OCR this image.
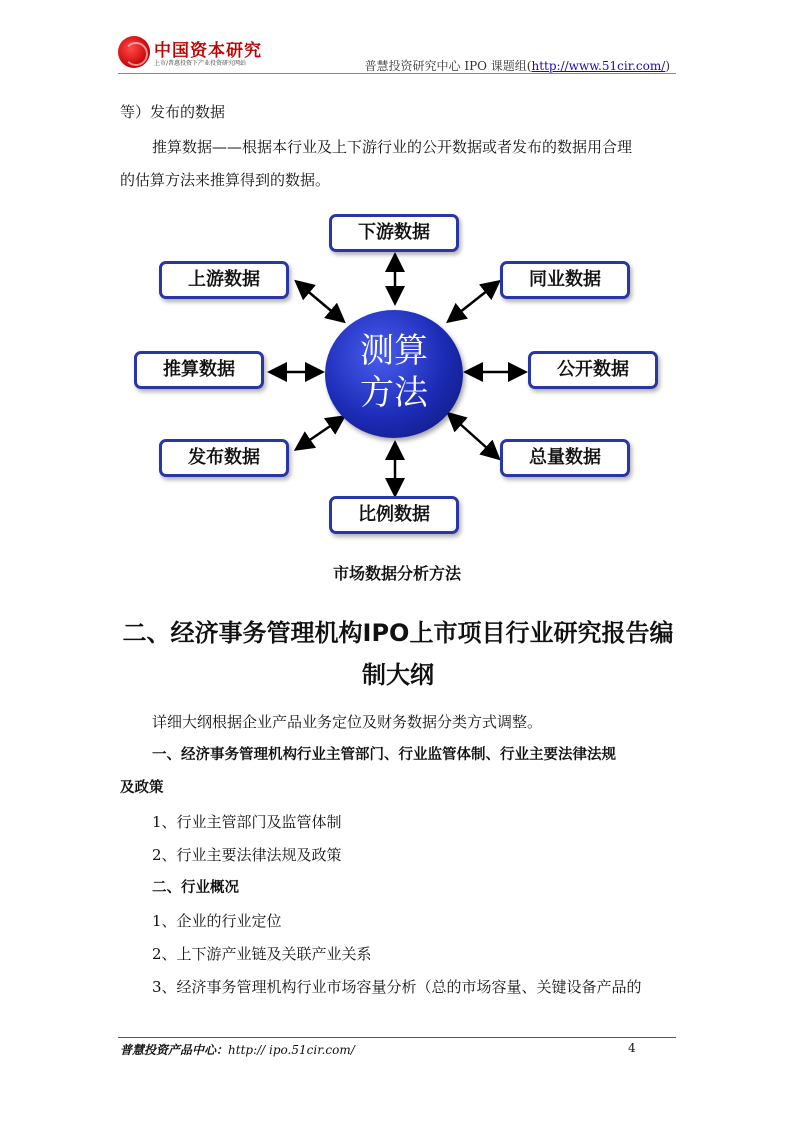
中国资本研究
上市/普惠投资下产业投资研究网站	普慧投资研究中心 IPO 课题组(http://www.51cir.com/)
等）发布的数据
推算数据——根据本行业及上下游行业的公开数据或者发布的数据用合理
的估算方法来推算得到的数据。
下游数据
上游数据	同业数据
推算数据	公开数据
发布数据	总量数据
比例数据
测算
方法
市场数据分析方法
二、经济事务管理机构IPO上市项目行业研究报告编制大纲
详细大纲根据企业产品业务定位及财务数据分类方式调整。
一、经济事务管理机构行业主管部门、行业监管体制、行业主要法律法规
及政策
1、行业主管部门及监管体制
2、行业主要法律法规及政策
二、行业概况
1、企业的行业定位
2、上下游产业链及关联产业关系
3、经济事务管理机构行业市场容量分析（总的市场容量、关键设备产品的
普慧投资产品中心：http:// ipo.51cir.com/	4
